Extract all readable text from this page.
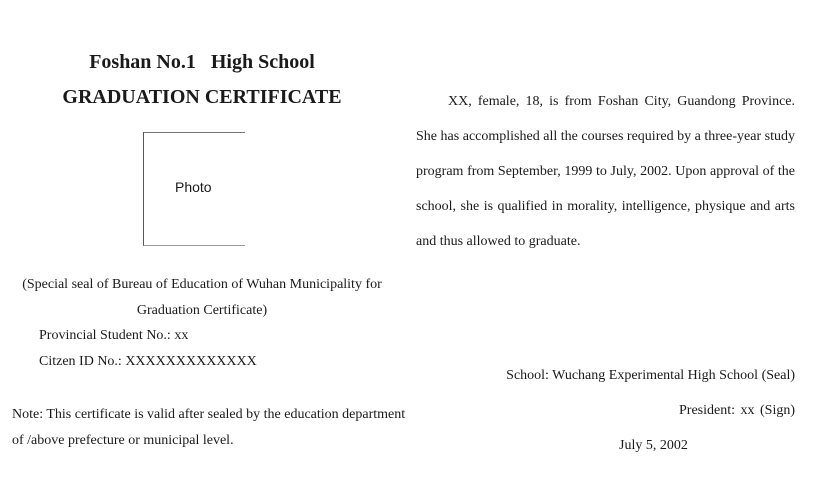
Foshan No.1   High School
GRADUATION CERTIFICATE
Photo
(Special seal of Bureau of Education of Wuhan Municipality for Graduation Certificate)
Provincial Student No.: xx
Citzen ID No.: XXXXXXXXXXXXX
Note: This certificate is valid after sealed by the education department of /above prefecture or municipal level.
XX, female, 18, is from Foshan City, Guandong Province. She has accomplished all the courses required by a three-year study program from September, 1999 to July, 2002. Upon approval of the school, she is qualified in morality, intelligence, physique and arts and thus allowed to graduate.
School: Wuchang Experimental High School (Seal)
President: xx (Sign)
July 5, 2002
